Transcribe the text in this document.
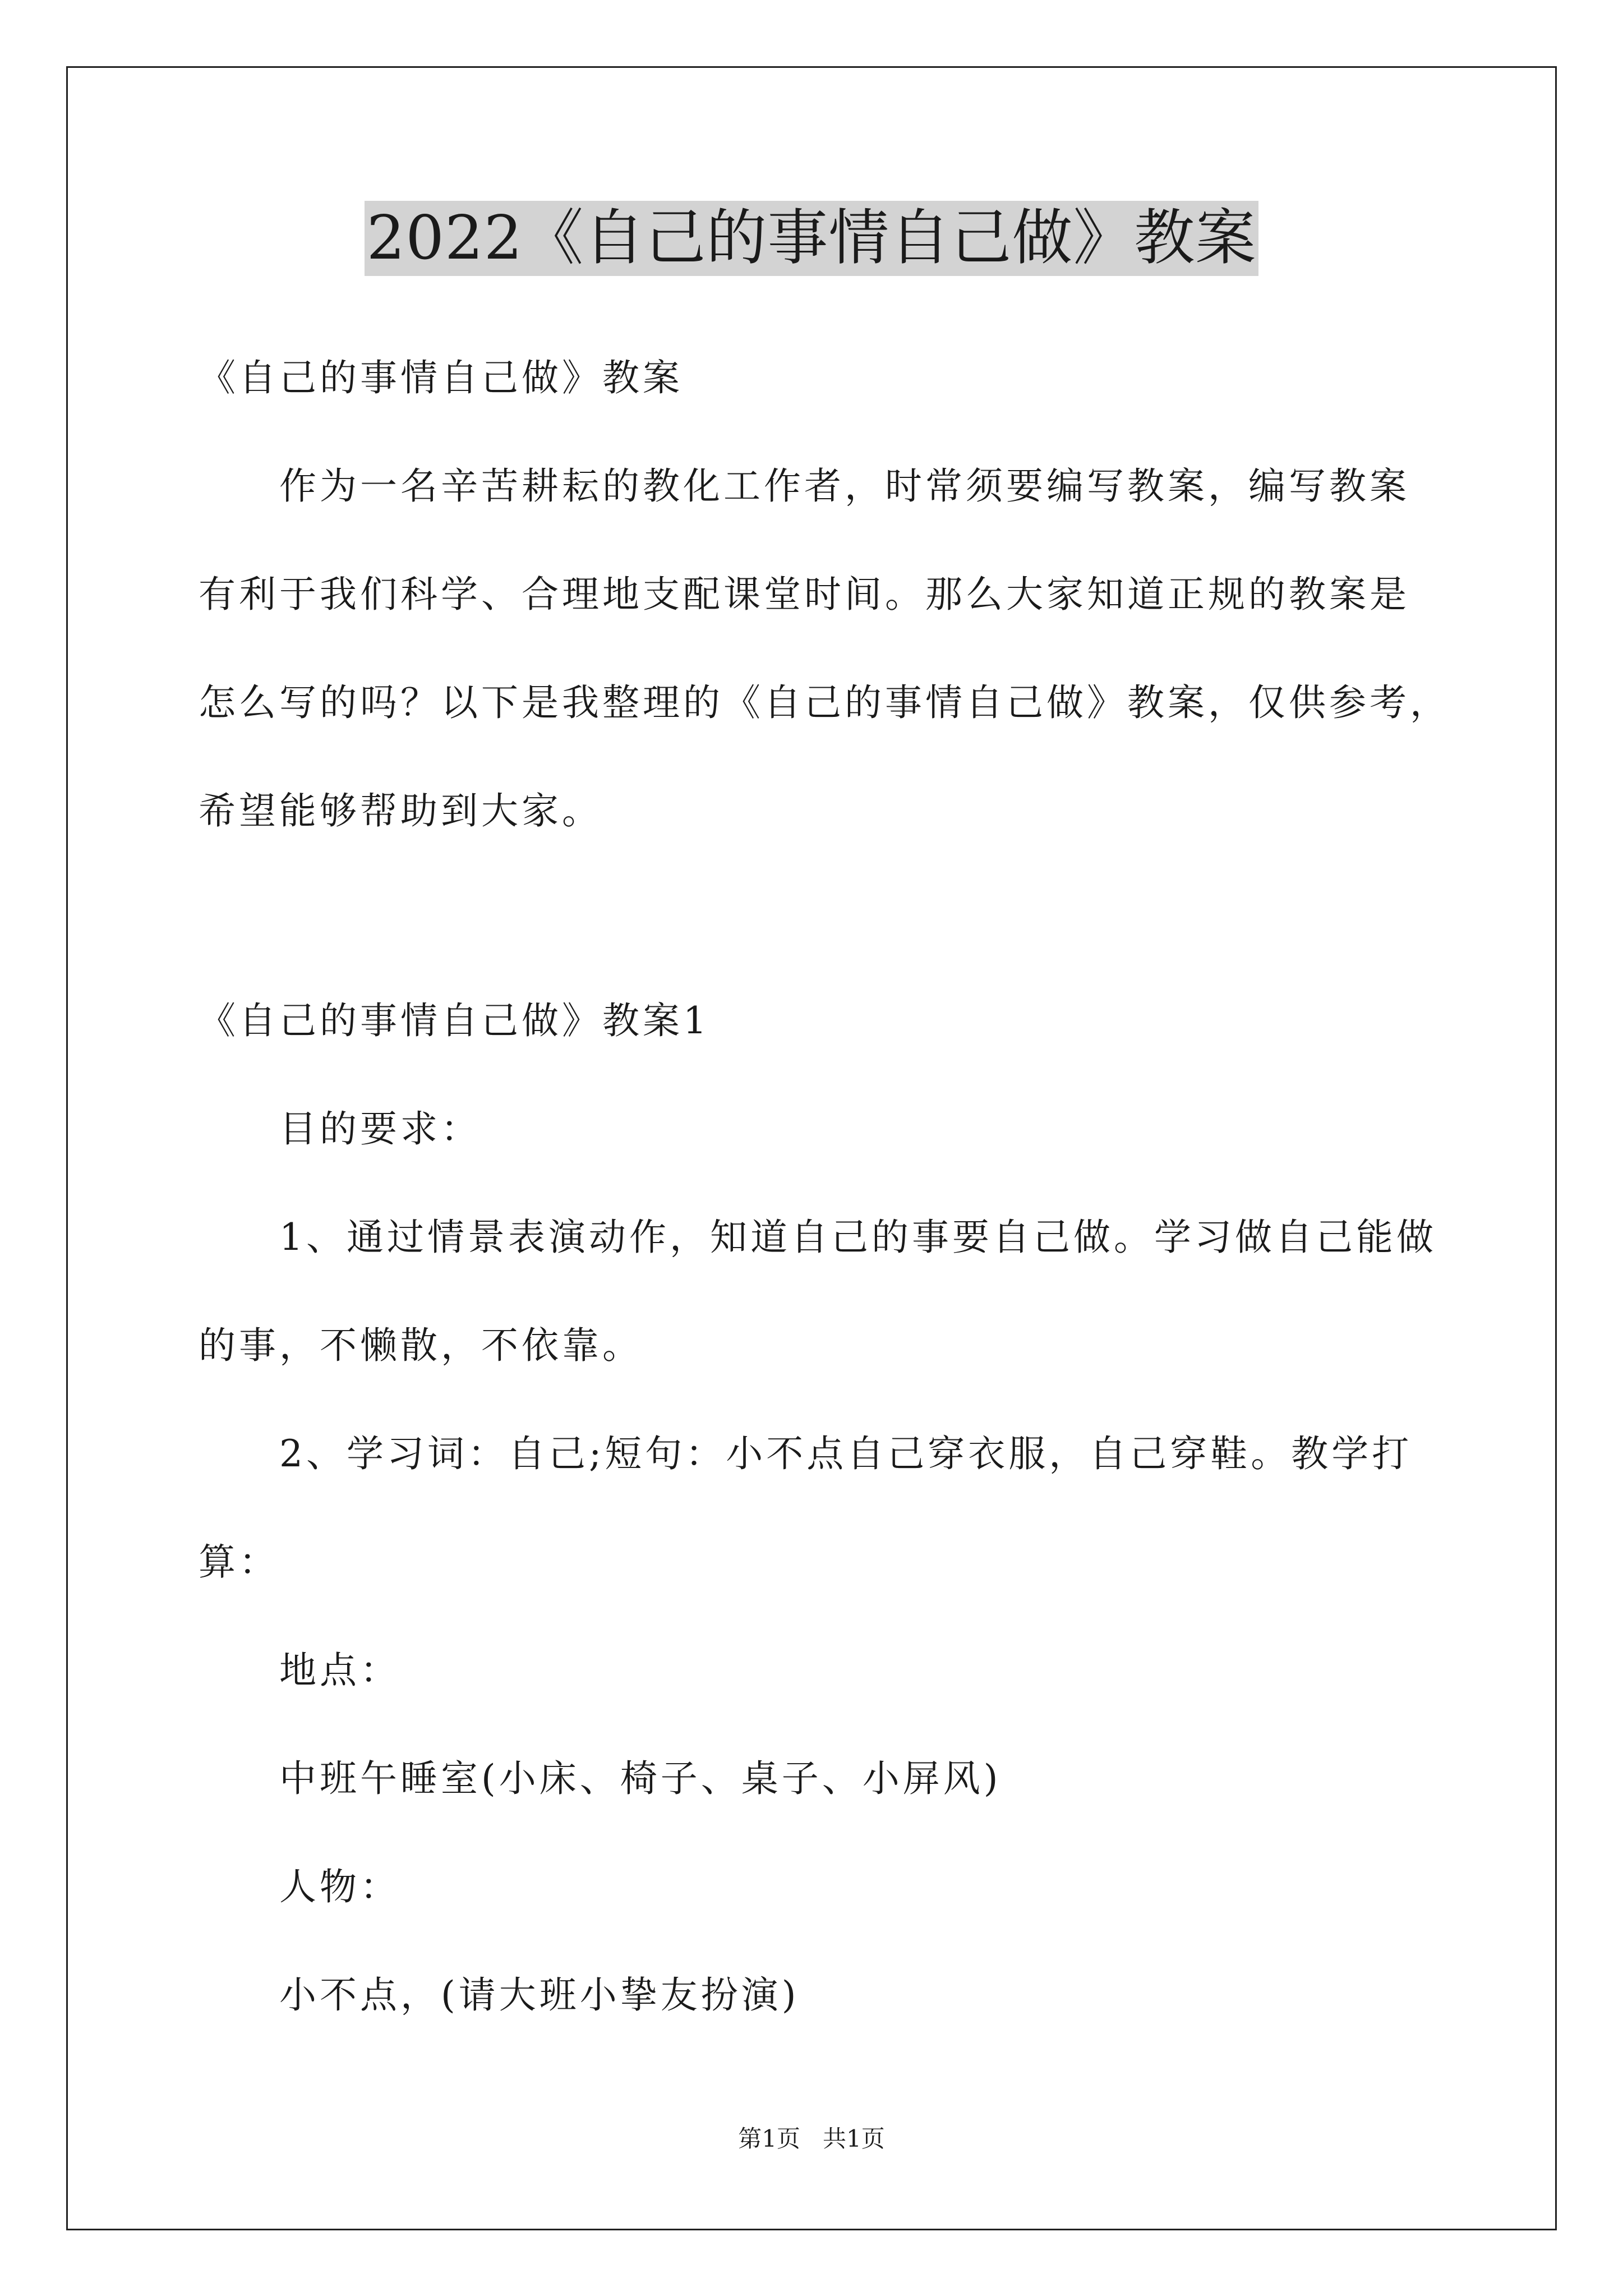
2022《自己的事情自己做》教案
《自己的事情自己做》教案
作为一名辛苦耕耘的教化工作者，时常须要编写教案，编写教案
有利于我们科学、合理地支配课堂时间。那么大家知道正规的教案是
怎么写的吗？以下是我整理的《自己的事情自己做》教案，仅供参考，
希望能够帮助到大家。
《自己的事情自己做》教案1
目的要求：
1、通过情景表演动作，知道自己的事要自己做。学习做自己能做
的事，不懒散，不依靠。
2、学习词：自己;短句：小不点自己穿衣服，自己穿鞋。教学打
算：
地点：
中班午睡室(小床、椅子、桌子、小屏风)
人物：
小不点，(请大班小挚友扮演)
第1页   共1页
